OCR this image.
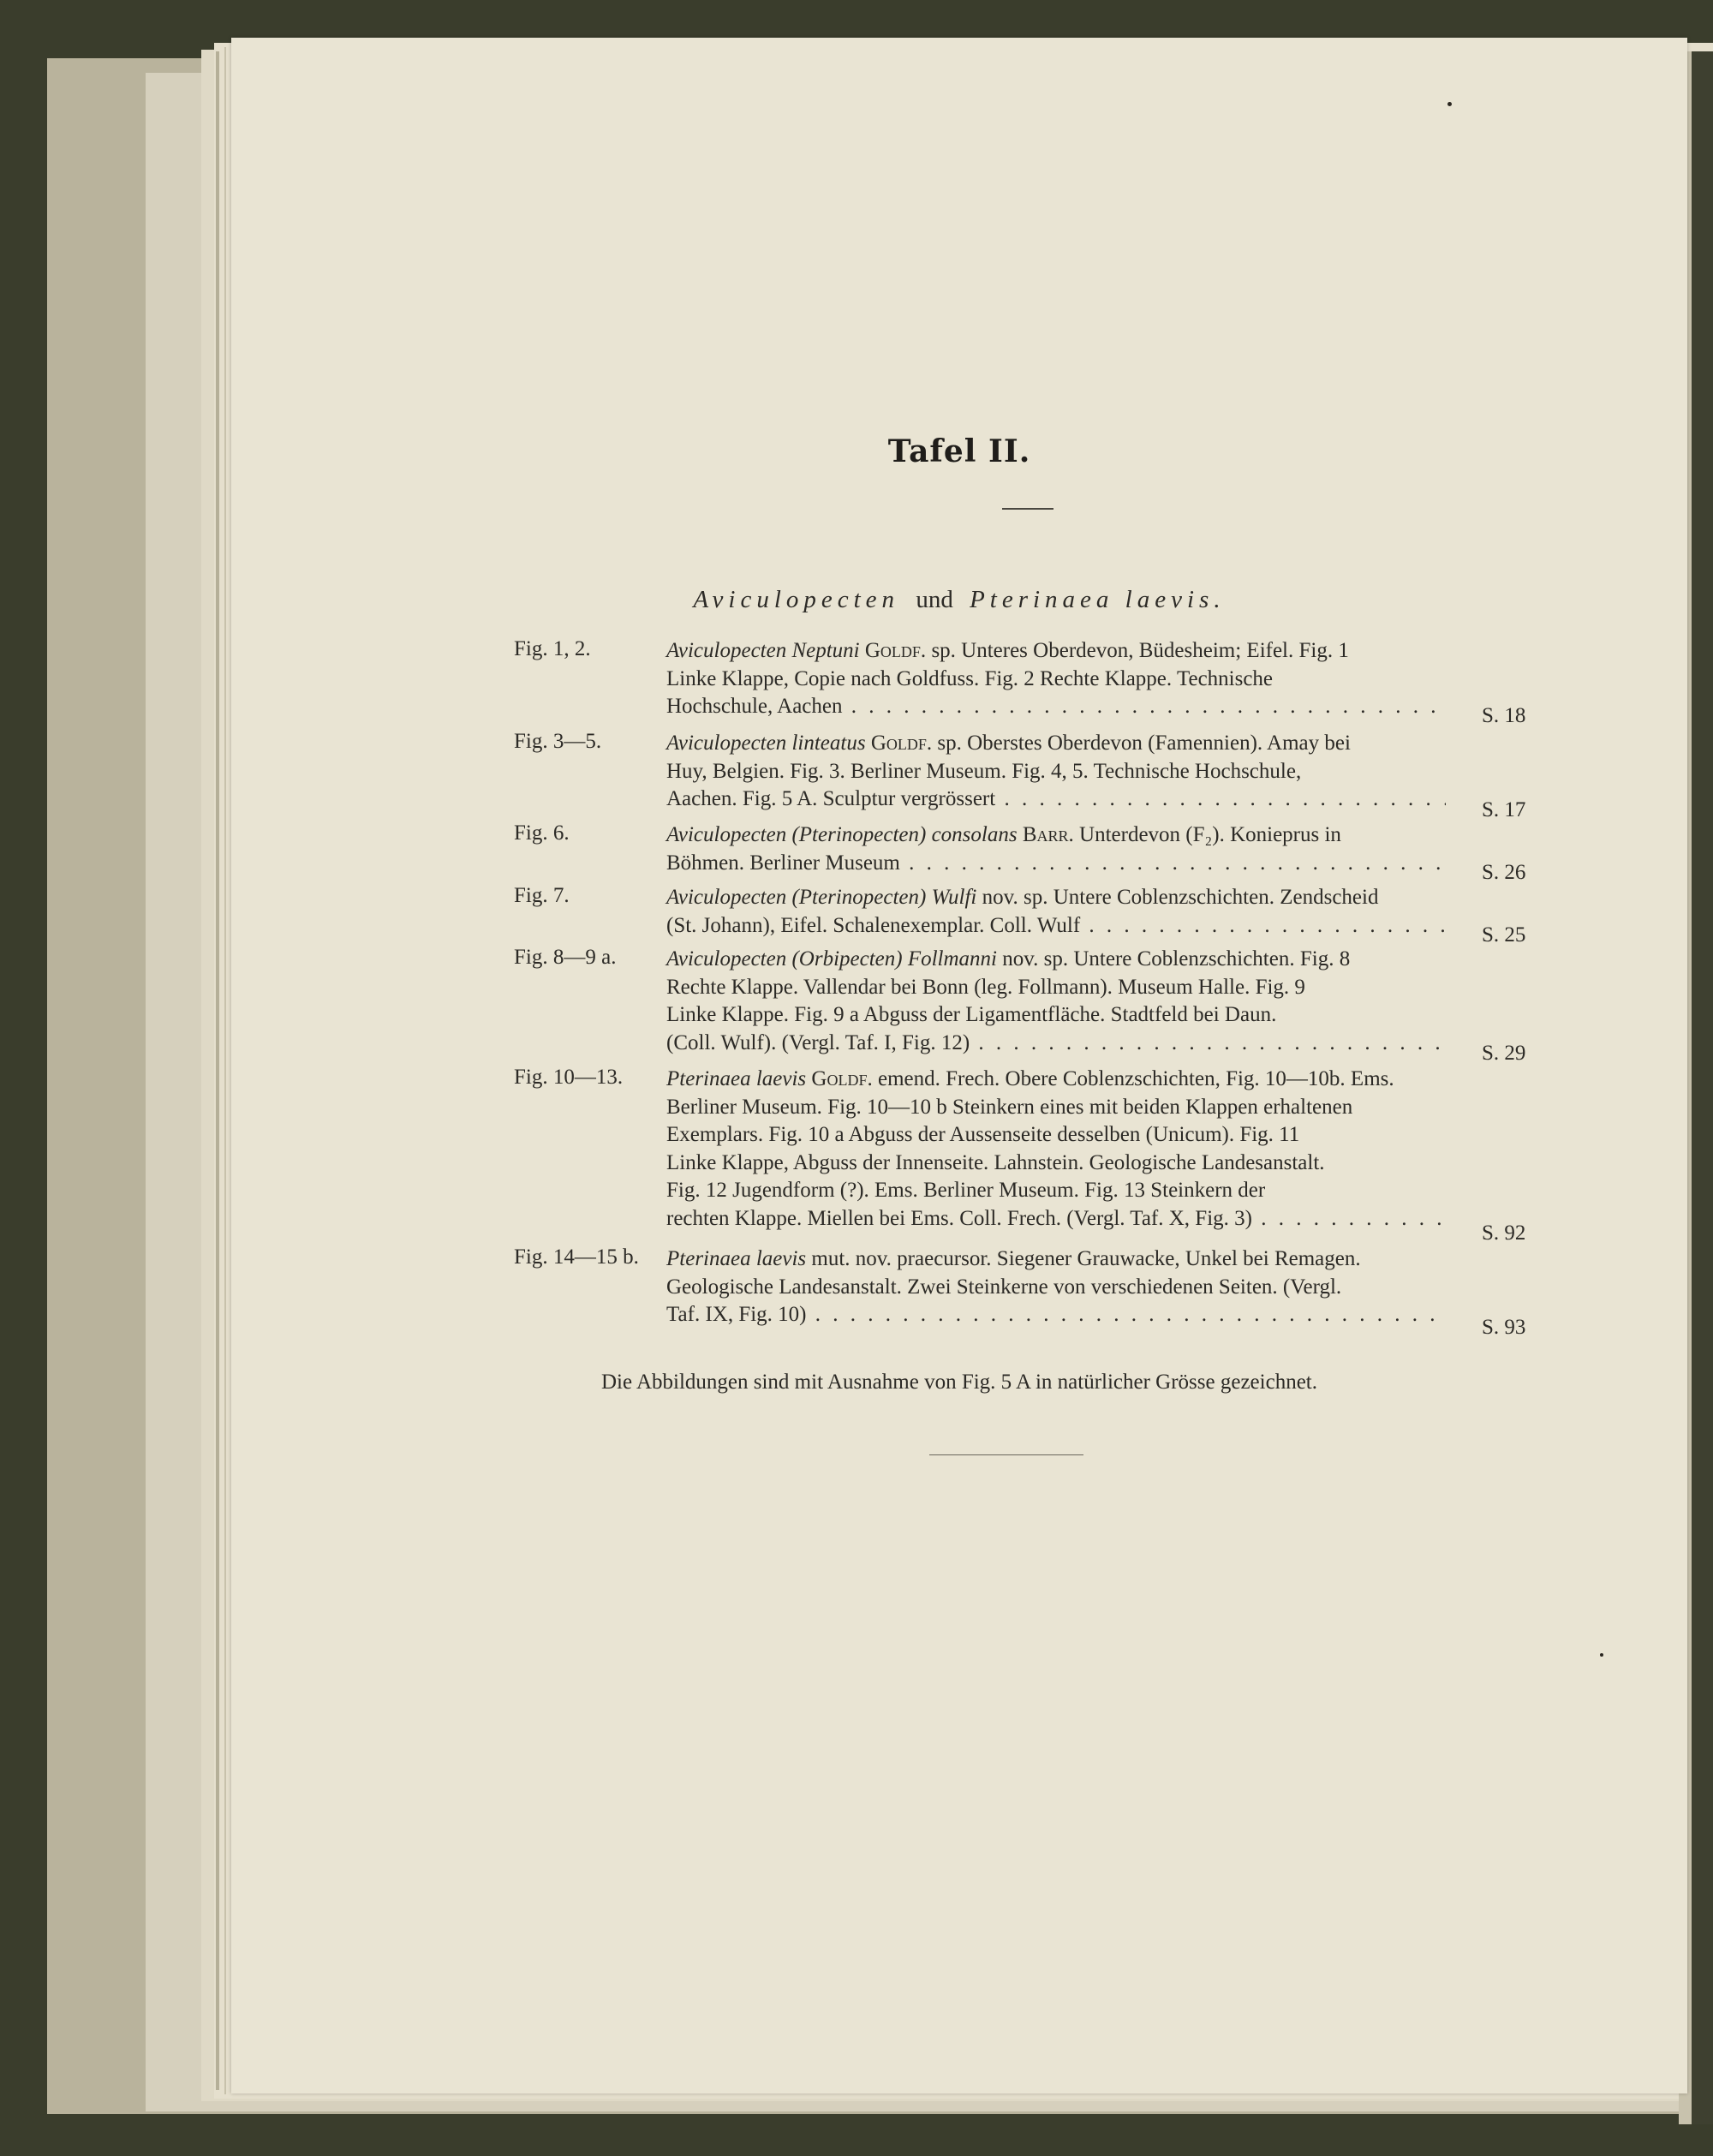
Tafel II.
Aviculopecten und Pterinaea laevis.
Fig. 1, 2.	Aviculopecten Neptuni Goldf. sp. Unteres Oberdevon, Büdesheim; Eifel. Fig. 1
Linke Klappe, Copie nach Goldfuss. Fig. 2 Rechte Klappe. Technische
Hochschule, Aachen . . .	S. 18
Fig. 3—5.	Aviculopecten linteatus Goldf. sp. Oberstes Oberdevon (Famennien). Amay bei
Huy, Belgien. Fig. 3. Berliner Museum. Fig. 4, 5. Technische Hochschule,
Aachen. Fig. 5 A. Sculptur vergrössert . . .	S. 17
Fig. 6.	Aviculopecten (Pterinopecten) consolans Barr. Unterdevon (F₂). Konieprus in
Böhmen. Berliner Museum . . .	S. 26
Fig. 7.	Aviculopecten (Pterinopecten) Wulfi nov. sp. Untere Coblenzschichten. Zendscheid
(St. Johann), Eifel. Schalenexemplar. Coll. Wulf . . .	S. 25
Fig. 8—9 a. Aviculopecten (Orbipecten) Follmanni nov. sp. Untere Coblenzschichten. Fig. 8
Rechte Klappe. Vallendar bei Bonn (leg. Follmann). Museum Halle. Fig. 9
Linke Klappe. Fig. 9 a Abguss der Ligamentfläche. Stadtfeld bei Daun.
(Coll. Wulf). (Vergl. Taf. I, Fig. 12) . . .	S. 29
Fig. 10—13. Pterinaea laevis Goldf. emend. Frech. Obere Coblenzschichten, Fig. 10—10b. Ems.
Berliner Museum. Fig. 10—10 b Steinkern eines mit beiden Klappen erhaltenen
Exemplars. Fig. 10 a Abguss der Aussenseite desselben (Unicum). Fig. 11
Linke Klappe, Abguss der Innenseite. Lahnstein. Geologische Landesanstalt.
Fig. 12 Jugendform (?). Ems. Berliner Museum. Fig. 13 Steinkern der
rechten Klappe. Miellen bei Ems. Coll. Frech. (Vergl. Taf. X, Fig. 3) . . .
S. 92
Fig. 14—15 b. Pterinaea laevis mut. nov. praecursor. Siegener Grauwacke, Unkel bei Remagen.
Geologische Landesanstalt. Zwei Steinkerne von verschiedenen Seiten. (Vergl.
Taf. IX, Fig. 10) . . .
S. 93
Die Abbildungen sind mit Ausnahme von Fig. 5 A in natürlicher Grösse gezeichnet.
